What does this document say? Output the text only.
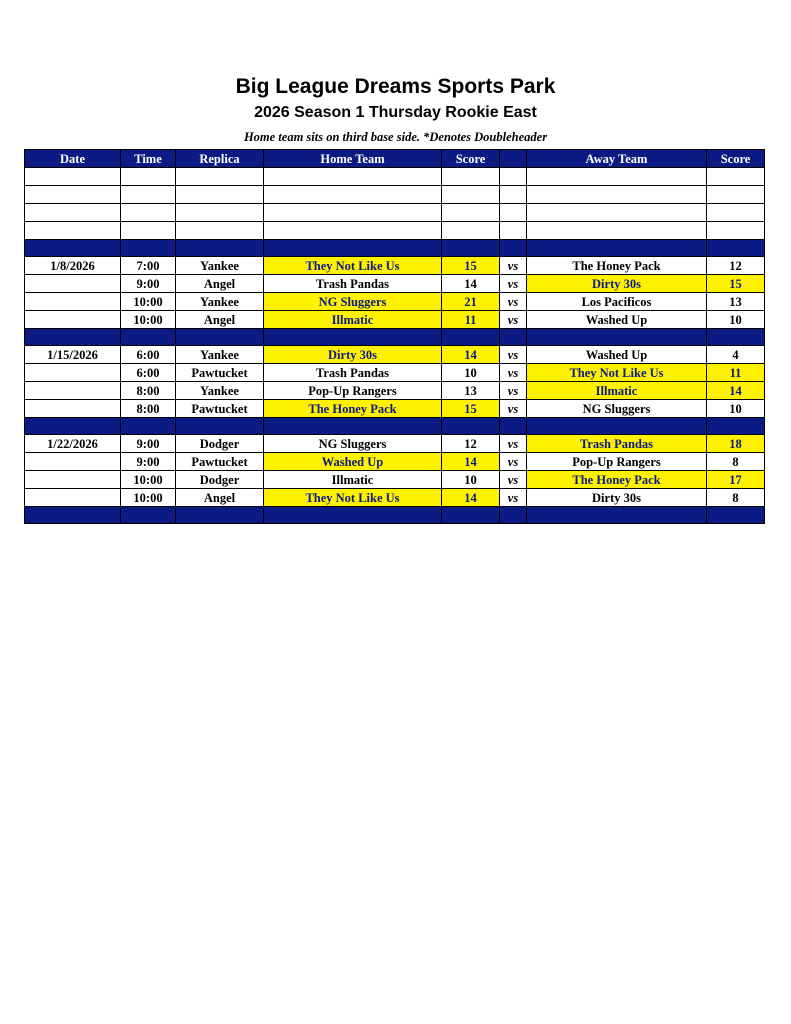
Big League Dreams Sports Park
2026 Season 1 Thursday Rookie East
Home team sits on third base side. *Denotes Doubleheader
Date	Time	Replica	Home Team	Score		Away Team	Score

1/8/2026	7:00	Yankee	They Not Like Us	15	vs	The Honey Pack	12
	9:00	Angel	Trash Pandas	14	vs	Dirty 30s	15
	10:00	Yankee	NG Sluggers	21	vs	Los Pacificos	13
	10:00	Angel	Illmatic	11	vs	Washed Up	10

1/15/2026	6:00	Yankee	Dirty 30s	14	vs	Washed Up	4
	6:00	Pawtucket	Trash Pandas	10	vs	They Not Like Us	11
	8:00	Yankee	Pop-Up Rangers	13	vs	Illmatic	14
	8:00	Pawtucket	The Honey Pack	15	vs	NG Sluggers	10

1/22/2026	9:00	Dodger	NG Sluggers	12	vs	Trash Pandas	18
	9:00	Pawtucket	Washed Up	14	vs	Pop-Up Rangers	8
	10:00	Dodger	Illmatic	10	vs	The Honey Pack	17
	10:00	Angel	They Not Like Us	14	vs	Dirty 30s	8
